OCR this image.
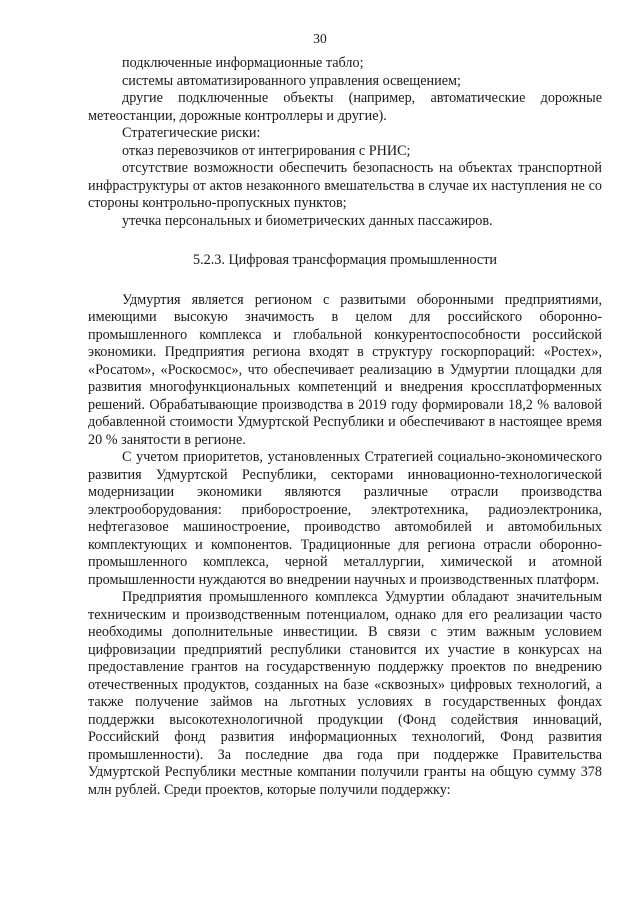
30

подключенные информационные табло;

системы автоматизированного управления освещением;

другие подключенные объекты (например, автоматические дорожные метеостанции, дорожные контроллеры и другие).

Стратегические риски:

отказ перевозчиков от интегрирования с РНИС;

отсутствие возможности обеспечить безопасность на объектах транспортной инфраструктуры от актов незаконного вмешательства в случае их наступления не со стороны контрольно-пропускных пунктов;

утечка персональных и биометрических данных пассажиров.

5.2.3. Цифровая трансформация промышленности

Удмуртия является регионом с развитыми оборонными предприятиями, имеющими высокую значимость в целом для российского оборонно-промышленного комплекса и глобальной конкурентоспособности российской экономики. Предприятия региона входят в структуру госкорпораций: «Ростех», «Росатом», «Роскосмос», что обеспечивает реализацию в Удмуртии площадки для развития многофункциональных компетенций и внедрения кроссплатформенных решений. Обрабатывающие производства в 2019 году формировали 18,2 % валовой добавленной стоимости Удмуртской Республики и обеспечивают в настоящее время 20 % занятости в регионе.

С учетом приоритетов, установленных Стратегией социально-экономического развития Удмуртской Республики, секторами инновационно-технологической модернизации экономики являются различные отрасли производства электрооборудования: приборостроение, электротехника, радиоэлектроника, нефтегазовое машиностроение, проиводство автомобилей и автомобильных комплектующих и компонентов. Традиционные для региона отрасли оборонно-промышленного комплекса, черной металлургии, химической и атомной промышленности нуждаются во внедрении научных и производственных платформ.

Предприятия промышленного комплекса Удмуртии обладают значительным техническим и производственным потенциалом, однако для его реализации часто необходимы дополнительные инвестиции. В связи с этим важным условием цифровизации предприятий республики становится их участие в конкурсах на предоставление грантов на государственную поддержку проектов по внедрению отечественных продуктов, созданных на базе «сквозных» цифровых технологий, а также получение займов на льготных условиях в государственных фондах поддержки высокотехнологичной продукции (Фонд содействия инноваций, Российский фонд развития информационных технологий, Фонд развития промышленности). За последние два года при поддержке Правительства Удмуртской Республики местные компании получили гранты на общую сумму 378 млн рублей. Среди проектов, которые получили поддержку:
